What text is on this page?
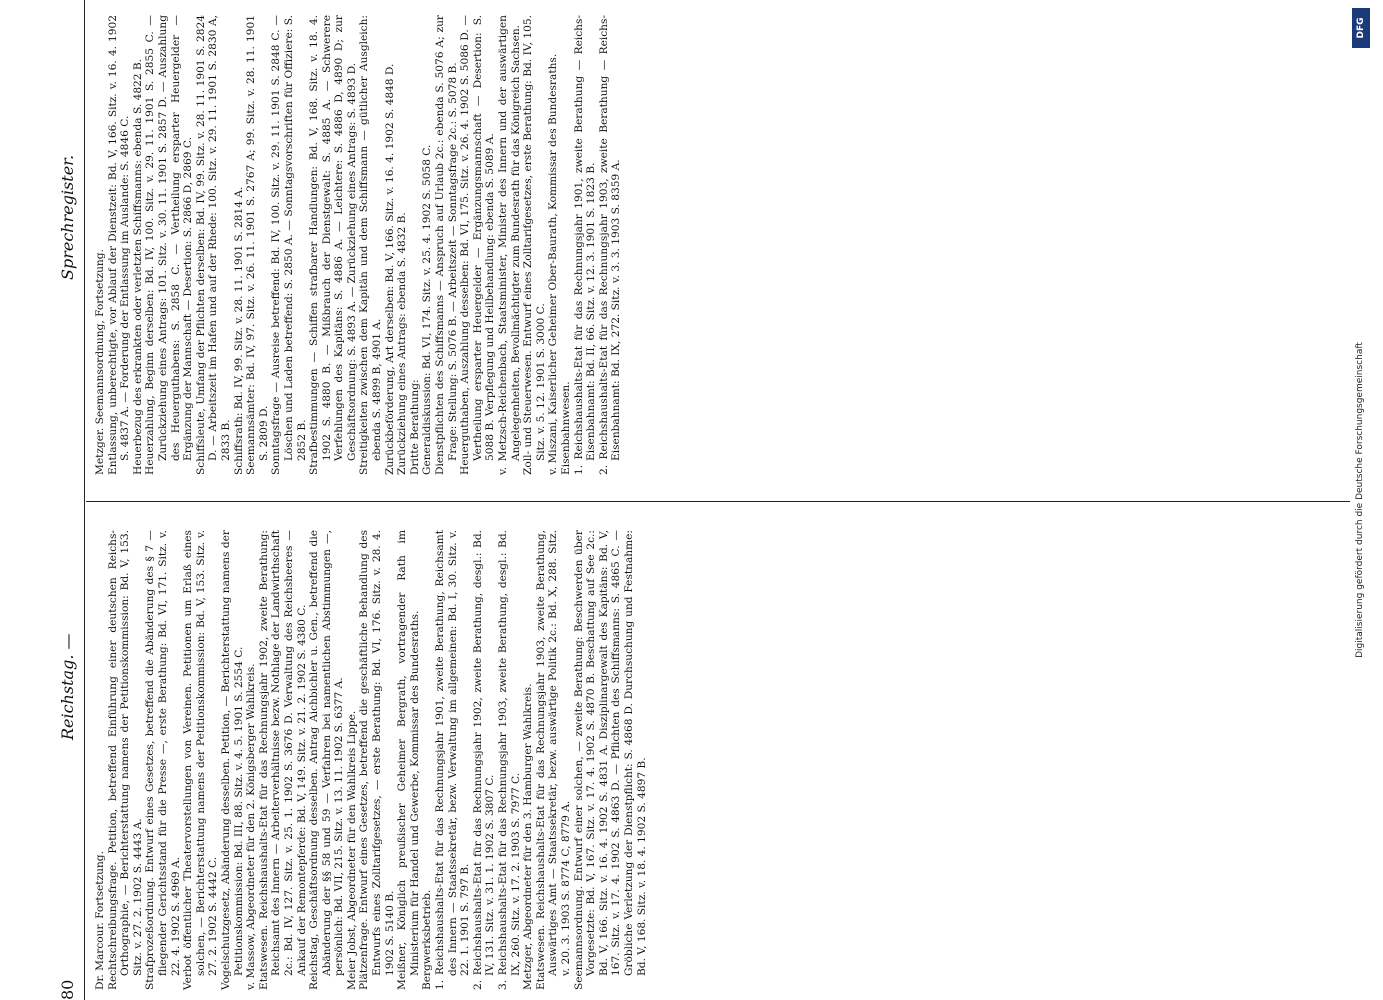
80
Reichstag. —
Sprechregister.

Dr. Marcour. Fortsetzung. Rechtschreibungsfrage. Petition, betreffend Einführung einer deutschen Reichs-Orthographie, — Berichterstattung namens der Petitionskommission: Bd. V, 153. Sitz. v. 27. 2. 1902 S. 4443 A. Strafprozeßordnung. Entwurf eines Gesetzes, betreffend die Abänderung des § 7 — fliegender Gerichtsstand für die Presse —, erste Berathung: Bd. VI, 171. Sitz. v. 22. 4. 1902 S. 4969 A. Verbot öffentlicher Theatervorstellungen von Vereinen. Petitionen um Erlaß eines solchen, — Berichterstattung namens der Petitionskommission: Bd. V, 153. Sitz. v. 27. 2. 1902 S. 4442 C. Vogelschutzgesetz, Abänderung desselben. Petition, — Berichterstattung namens der Petitionskommission: Bd. III, 88. Sitz. v. 4. 5. 1901 S. 2554 C. v. Massow, Abgeordneter für den 2. Königsberger Wahlkreis. Etatswesen. Reichshaushalts-Etat für das Rechnungsjahr 1902, zweite Berathung: Reichsamt des Innern — Arbeiterverhältnisse bezw. Nothlage der Landwirthschaft 2c.: Bd. IV, 127. Sitz. v. 25. 1. 1902 S. 3676 D. Verwaltung des Reichsheeres — Ankauf der Remontepferde: Bd. V, 149. Sitz. v. 21. 2. 1902 S. 4380 C. Reichstag, Geschäftsordnung desselben. Antrag Aichbichler u. Gen., betreffend die Abänderung der §§ 58 und 59 — Verfahren bei namentlichen Abstimmungen —, persönlich: Bd. VII, 215. Sitz. v. 13. 11. 1902 S. 6377 A. Meier Jobst, Abgeordneter für den Wahlkreis Lippe. Plätzenfrage. Entwurf eines Gesetzes, betreffend die geschäftliche Behandlung des Entwurfs eines Zolltarifgesetzes, — erste Berathung: Bd. VI, 176. Sitz. v. 28. 4. 1902 S. 5140 B. Meißner, Königlich preußischer Geheimer Bergrath, vortragender Rath im Ministerium für Handel und Gewerbe, Kommissar des Bundesraths. Bergwerksbetrieb. 1. Reichshaushalts-Etat für das Rechnungsjahr 1901, zweite Berathung, Reichsamt des Innern — Staatssekretär, bezw. Verwaltung im allgemeinen: Bd. I, 30. Sitz. v. 22. 1. 1901 S. 797 B. 2. Reichshaushalts-Etat für das Rechnungsjahr 1902, zweite Berathung, desgl.: Bd. IV, 131. Sitz. v. 31. 1. 1902 S. 3807 C. 3. Reichshaushalts-Etat für das Rechnungsjahr 1903, zweite Berathung, desgl.: Bd. IX, 260. Sitz. v. 17. 2. 1903 S. 7977 C. Metzger, Abgeordneter für den 3. Hamburger Wahlkreis. Etatswesen. Reichshaushalts-Etat für das Rechnungsjahr 1903, zweite Berathung, Auswärtiges Amt — Staatssekretär, bezw. auswärtige Politik 2c.: Bd. X, 288. Sitz. v. 20. 3. 1903 S. 8774 C, 8779 A. Seemannsordnung. Entwurf einer solchen, — zweite Berathung: Beschwerden über Vorgesetzte: Bd. V, 167. Sitz. v. 17. 4. 1902 S. 4870 B. Beschattung auf See 2c.: Bd. V, 166. Sitz. v. 16. 4. 1902 S. 4831 A. Disziplinargewalt des Kapitäns: Bd. V, 167. Sitz. v. 17. 4. 1902 S. 4863 D. — Pflichten des Schiffsmanns: S. 4865 C. — Gröbliche Verletzung der Dienstpflicht: S. 4868 D. Durchsuchung und Festnahme: Bd. V, 168. Sitz. v. 18. 4. 1902 S. 4897 B.

Metzger. Seemannsordnung, Fortsetzung. Entlassung, unberechtigte, vor Ablauf der Dienstzeit: Bd. V, 166. Sitz. v. 16. 4. 1902 S. 4837 A. — Forderung der Entlassung im Auslande: S. 4846 C. Heuerbezug des erkrankten oder verletzten Schiffsmanns: ebenda S. 4822 B. Heuerzahlung, Beginn derselben: Bd. IV, 100. Sitz. v. 29. 11. 1901 S. 2855 C. — Zurückziehung eines Antrags: 101. Sitz. v. 30. 11. 1901 S. 2857 D. — Auszahlung des Heuerguthabens: S. 2858 C. — Vertheilung ersparter Heuergelder — Ergänzung der Mannschaft — Desertion: S. 2866 D, 2869 C. Schiffsleute, Umfang der Pflichten derselben: Bd. IV, 99. Sitz. v. 28. 11. 1901 S. 2824 D. — Arbeitszeit im Hafen und auf der Rhede: 100. Sitz. v. 29. 11. 1901 S. 2830 A, 2833 B. Schiffsrath: Bd. IV, 99. Sitz. v. 28. 11. 1901 S. 2814 A. Seemannsämter: Bd. IV, 97. Sitz. v. 26. 11. 1901 S. 2767 A; 99. Sitz. v. 28. 11. 1901 S. 2809 D. Sonntagsfrage — Ausreise betreffend: Bd. IV, 100. Sitz. v. 29. 11. 1901 S. 2848 C. — Löschen und Laden betreffend: S. 2850 A. — Sonntagsvorschriften für Offiziere: S. 2852 B. Strafbestimmungen — Schiffen strafbarer Handlungen: Bd. V, 168. Sitz. v. 18. 4. 1902 S. 4880 B. — Mißbrauch der Dienstgewalt: S. 4885 A. — Schwerere Verfehlungen des Kapitäns: S. 4886 A. — Leichtere: S. 4886 D, 4890 D; zur Geschäftsordnung: S. 4893 A. — Zurückziehung eines Antrags: S. 4893 D. Streitigkeiten zwischen dem Kapitän und dem Schiffsmann — gütlicher Ausgleich: ebenda S. 4899 B, 4901 A. Zurückbeförderung, Art derselben: Bd. V, 166. Sitz. v. 16. 4. 1902 S. 4848 D. Zurückziehung eines Antrags: ebenda S. 4832 B. Dritte Berathung: Generaldiskussion: Bd. VI, 174. Sitz. v. 25. 4. 1902 S. 5058 C. Dienstpflichten des Schiffsmanns — Anspruch auf Urlaub 2c.: ebenda S. 5076 A; zur Frage: Stellung: S. 5076 B. — Arbeitszeit — Sonntagsfrage 2c.: S. 5078 B. Heuerguthaben, Auszahlung desselben: Bd. VI, 175. Sitz. v. 26. 4. 1902 S. 5086 D. — Vertheilung ersparter Heuergelder — Ergänzungsmannschaft — Desertion: S. 5088 B. Verpflegung und Heilbehandlung: ebenda S. 5089 A. v. Metzsch-Reichenbach, Staatsminister, Minister des Innern und der auswärtigen Angelegenheiten, Bevollmächtigter zum Bundesrath für das Königreich Sachsen. Zoll- und Steuerwesen. Entwurf eines Zolltarifgesetzes, erste Berathung: Bd. IV, 105. Sitz. v. 5. 12. 1901 S. 3000 C. v. Miszani, Kaiserlicher Geheimer Ober-Baurath, Kommissar des Bundesraths. Eisenbahnwesen. 1. Reichshaushalts-Etat für das Rechnungsjahr 1901, zweite Berathung — Reichs-Eisenbahnamt: Bd. II, 66. Sitz. v. 12. 3. 1901 S. 1823 B. 2. Reichshaushalts-Etat für das Rechnungsjahr 1903, zweite Berathung — Reichs-Eisenbahnamt: Bd. IX, 272. Sitz. v. 3. 3. 1903 S. 8359 A.

Digitalisierung gefördert durch die Deutsche Forschungsgemeinschaft
DFG
